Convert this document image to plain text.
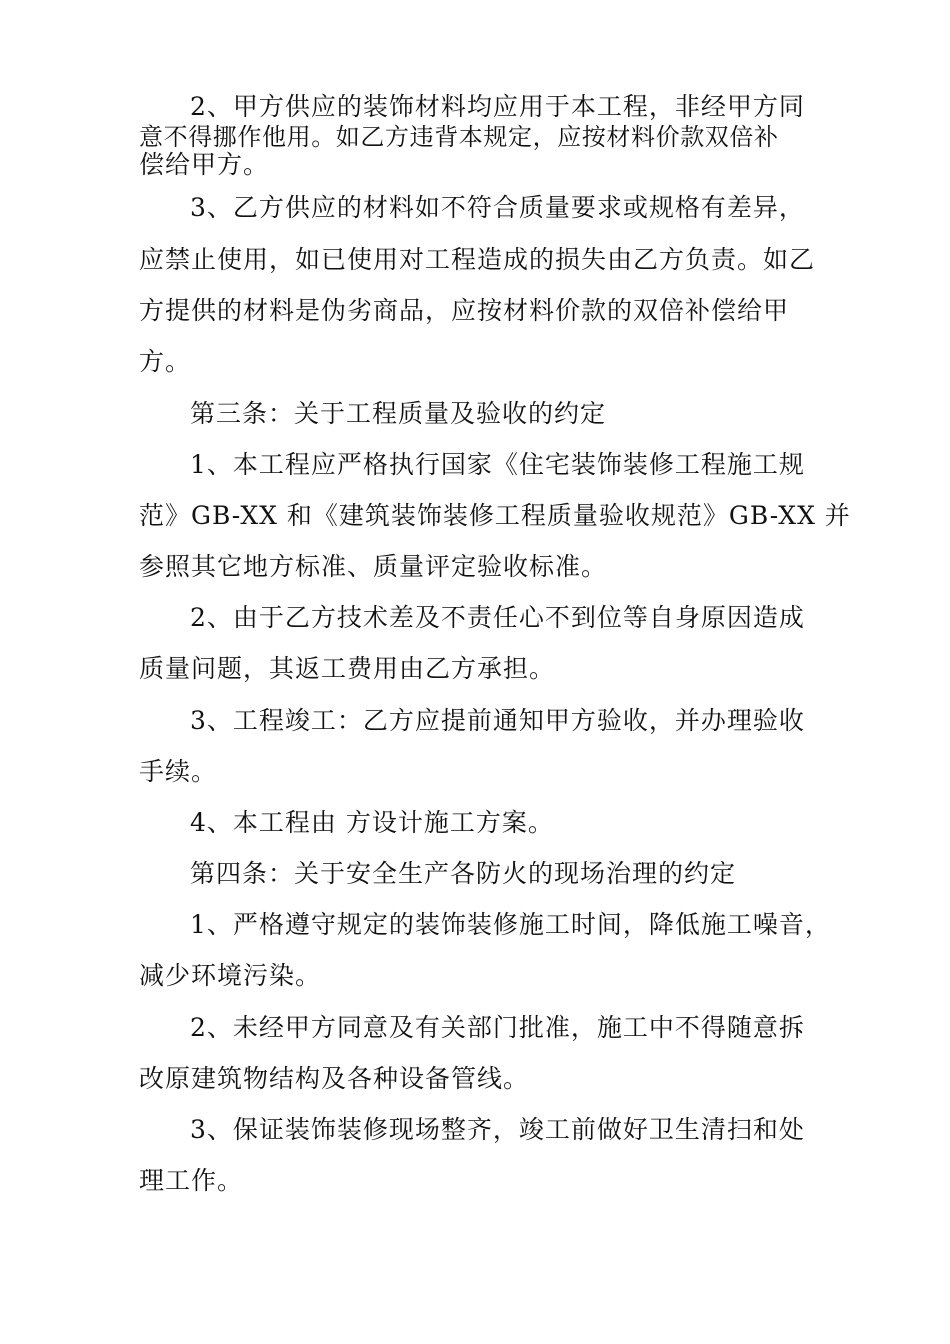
2、甲方供应的装饰材料均应用于本工程，非经甲方同
意不得挪作他用。如乙方违背本规定，应按材料价款双倍补
偿给甲方。
3、乙方供应的材料如不符合质量要求或规格有差异，
应禁止使用，如已使用对工程造成的损失由乙方负责。如乙
方提供的材料是伪劣商品，应按材料价款的双倍补偿给甲
方。
第三条：关于工程质量及验收的约定
1、本工程应严格执行国家《住宅装饰装修工程施工规
范》GB-XX 和《建筑装饰装修工程质量验收规范》GB-XX 并
参照其它地方标准、质量评定验收标准。
2、由于乙方技术差及不责任心不到位等自身原因造成
质量问题，其返工费用由乙方承担。
3、工程竣工：乙方应提前通知甲方验收，并办理验收
手续。
4、本工程由 方设计施工方案。
第四条：关于安全生产各防火的现场治理的约定
1、严格遵守规定的装饰装修施工时间，降低施工噪音，
减少环境污染。
2、未经甲方同意及有关部门批准，施工中不得随意拆
改原建筑物结构及各种设备管线。
3、保证装饰装修现场整齐，竣工前做好卫生清扫和处
理工作。
